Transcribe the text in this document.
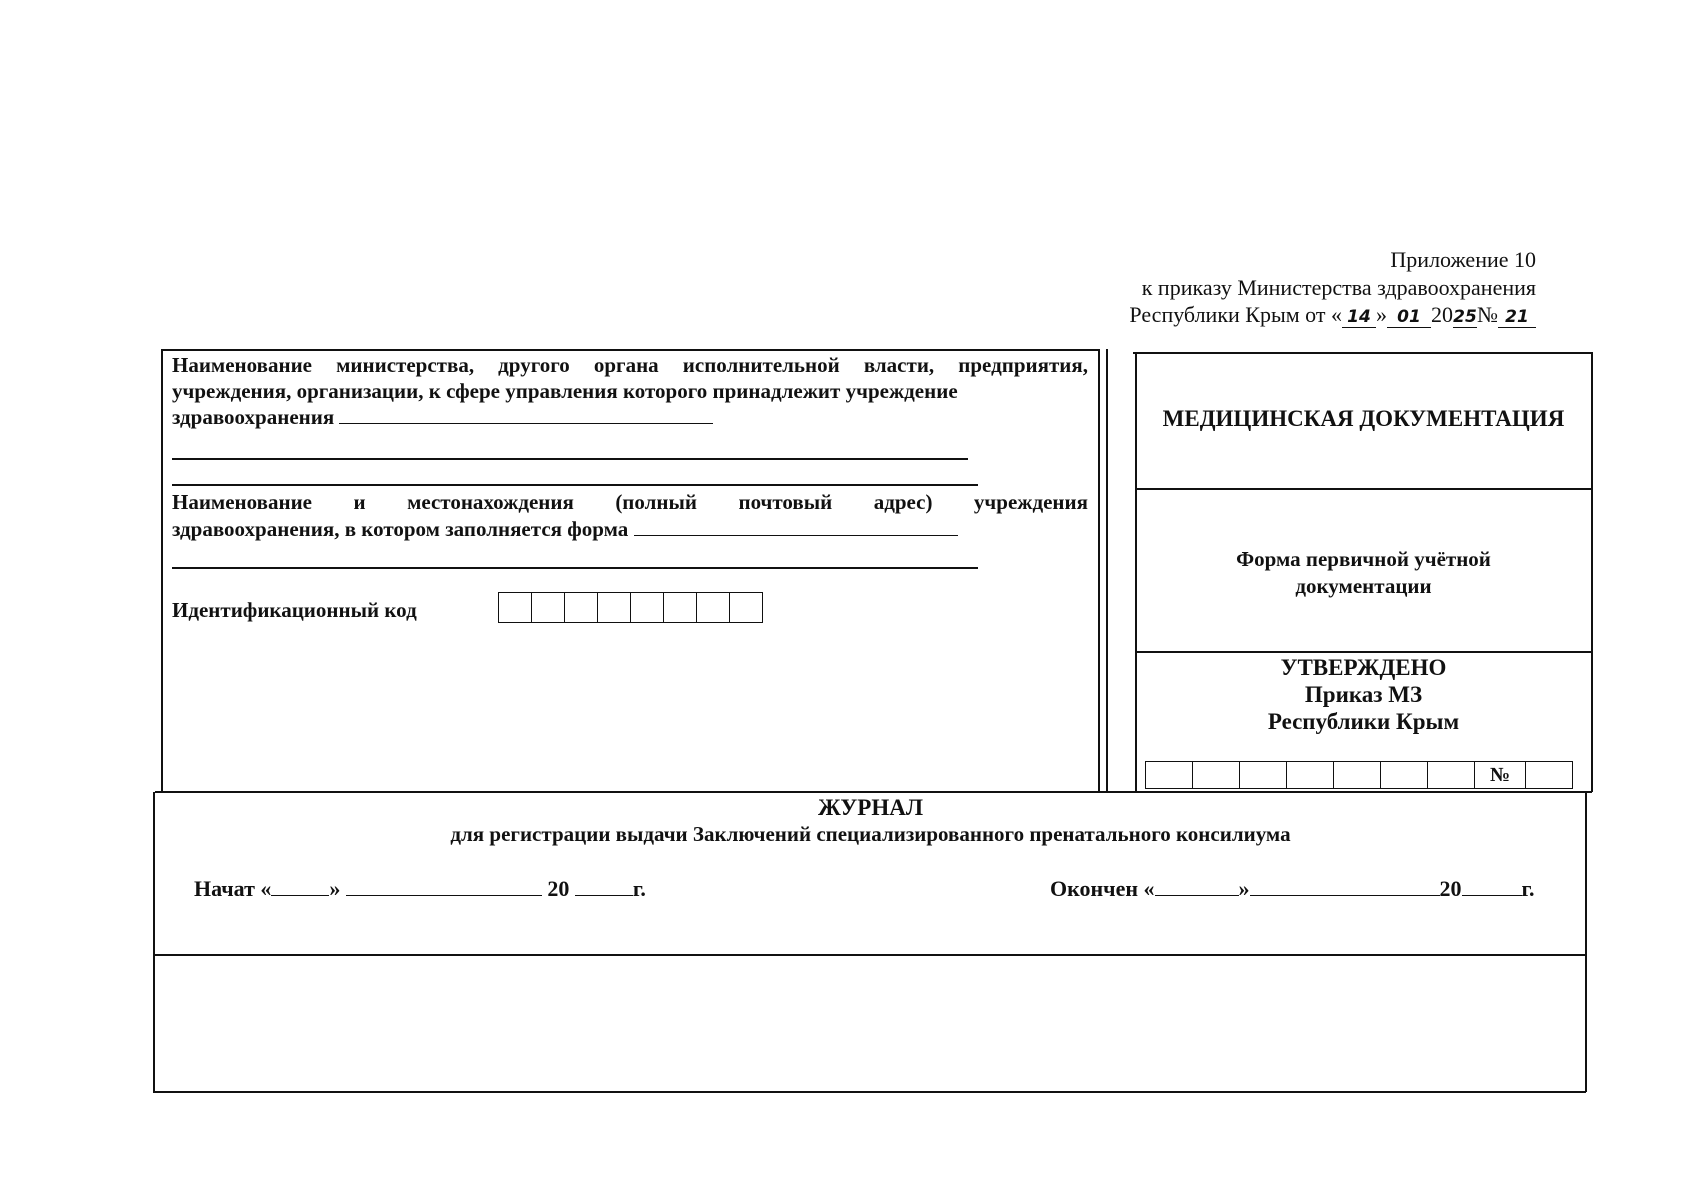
Приложение 10
к приказу Министерства здравоохранения
Республики Крым от « 14 » 01 2025№ 21
Наименование министерства, другого органа исполнительной власти, предприятия, учреждения, организации, к сфере управления которого принадлежит учреждение
здравоохранения
Наименование и местонахождения (полный почтовый адрес) учреждения
здравоохранения, в котором заполняется форма
Идентификационный код
МЕДИЦИНСКАЯ ДОКУМЕНТАЦИЯ
Форма первичной учётной
документации
УТВЕРЖДЕНО
Приказ МЗ
Республики Крым
№
ЖУРНАЛ
для регистрации выдачи Заключений специализированного пренатального консилиума
Начат «	»	20	г.	Окончен «	»	20	г.
